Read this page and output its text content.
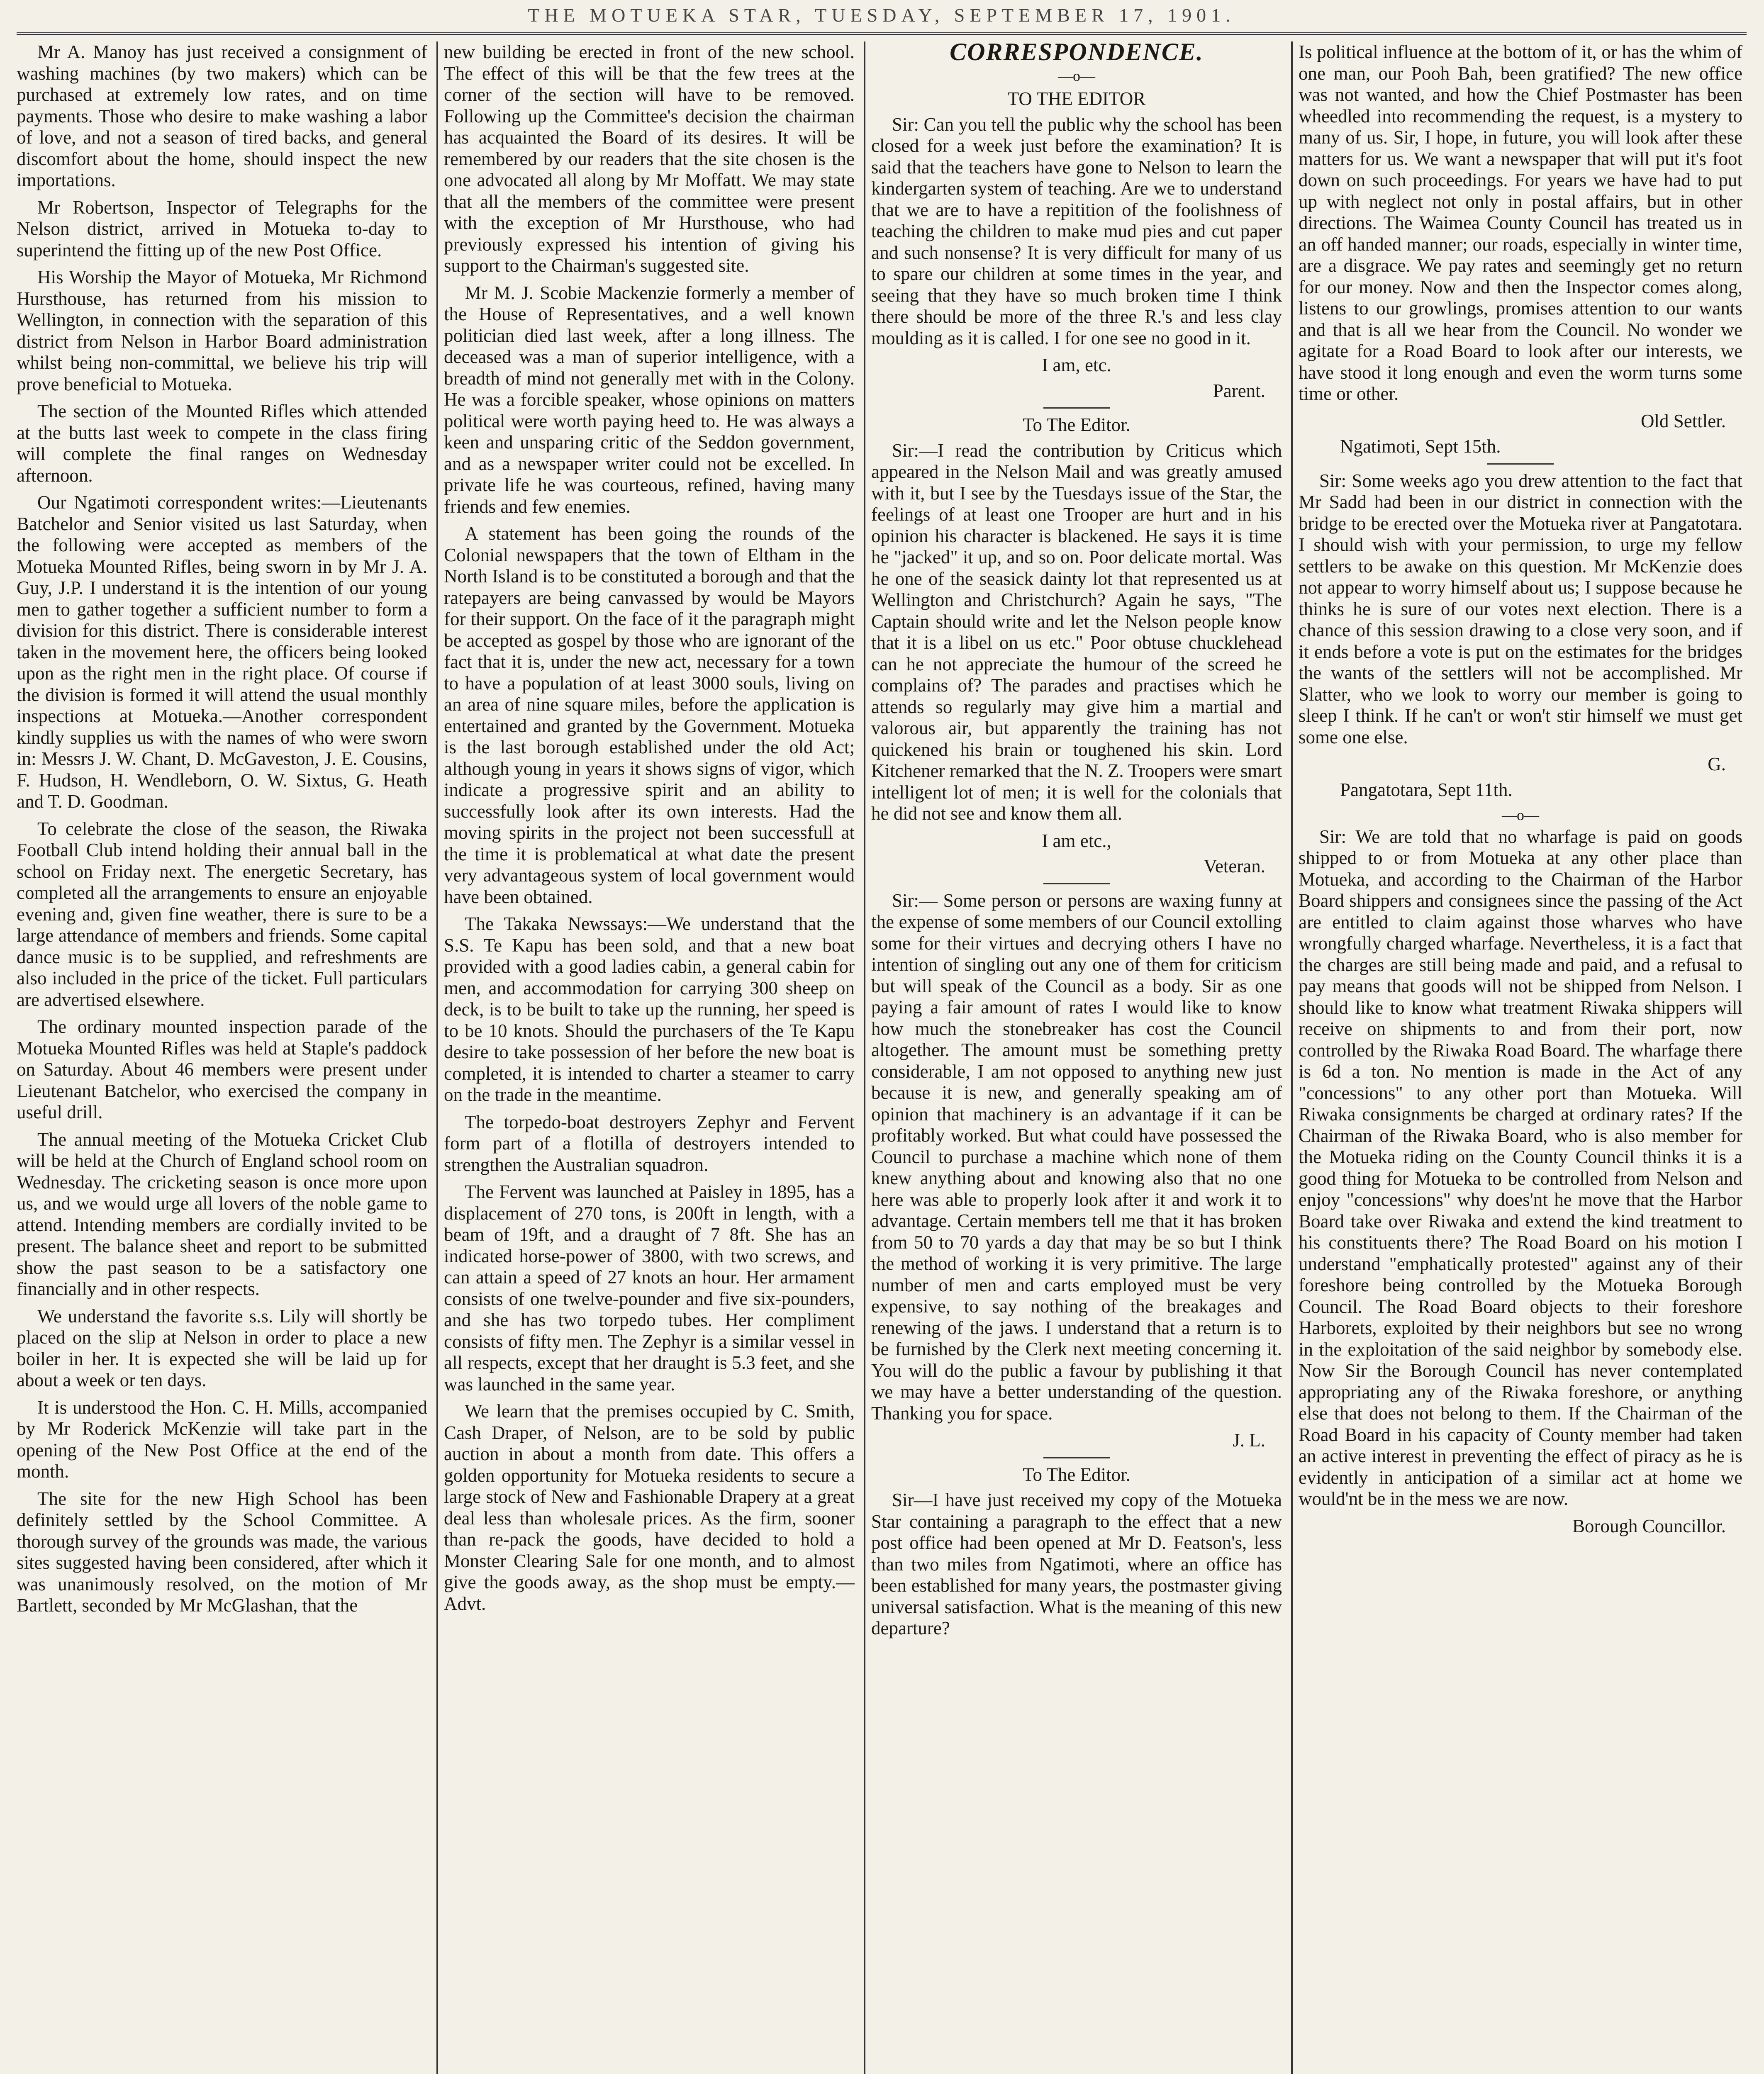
THE MOTUEKA STAR, TUESDAY, SEPTEMBER 17, 1901.

Mr A. Manoy has just received a consignment of washing machines (by two makers) which can be purchased at extremely low rates, and on time payments. Those who desire to make washing a labor of love, and not a season of tired backs, and general discomfort about the home, should inspect the new importations.

Mr Robertson, Inspector of Telegraphs for the Nelson district, arrived in Motueka to-day to superintend the fitting up of the new Post Office.

His Worship the Mayor of Motueka, Mr Richmond Hursthouse, has returned from his mission to Wellington, in connection with the separation of this district from Nelson in Harbor Board administration whilst being non-committal, we believe his trip will prove beneficial to Motueka.

The section of the Mounted Rifles which attended at the butts last week to compete in the class firing will complete the final ranges on Wednesday afternoon.

Our Ngatimoti correspondent writes:—Lieutenants Batchelor and Senior visited us last Saturday, when the following were accepted as members of the Motueka Mounted Rifles, being sworn in by Mr J. A. Guy, J.P. I understand it is the intention of our young men to gather together a sufficient number to form a division for this district. There is considerable interest taken in the movement here, the officers being looked upon as the right men in the right place. Of course if the division is formed it will attend the usual monthly inspections at Motueka.—Another correspondent kindly supplies us with the names of who were sworn in: Messrs J. W. Chant, D. McGaveston, J. E. Cousins, F. Hudson, H. Wendleborn, O. W. Sixtus, G. Heath and T. D. Goodman.

To celebrate the close of the season, the Riwaka Football Club intend holding their annual ball in the school on Friday next. The energetic Secretary, has completed all the arrangements to ensure an enjoyable evening and, given fine weather, there is sure to be a large attendance of members and friends. Some capital dance music is to be supplied, and refreshments are also included in the price of the ticket. Full particulars are advertised elsewhere.

The ordinary mounted inspection parade of the Motueka Mounted Rifles was held at Staple's paddock on Saturday. About 46 members were present under Lieutenant Batchelor, who exercised the company in useful drill.

The annual meeting of the Motueka Cricket Club will be held at the Church of England school room on Wednesday. The cricketing season is once more upon us, and we would urge all lovers of the noble game to attend. Intending members are cordially invited to be present. The balance sheet and report to be submitted show the past season to be a satisfactory one financially and in other respects.

We understand the favorite s.s. Lily will shortly be placed on the slip at Nelson in order to place a new boiler in her. It is expected she will be laid up for about a week or ten days.

It is understood the Hon. C. H. Mills, accompanied by Mr Roderick McKenzie will take part in the opening of the New Post Office at the end of the month.

The site for the new High School has been definitely settled by the School Committee. A thorough survey of the grounds was made, the various sites suggested having been considered, after which it was unanimously resolved, on the motion of Mr Bartlett, seconded by Mr McGlashan, that the

new building be erected in front of the new school. The effect of this will be that the few trees at the corner of the section will have to be removed. Following up the Committee's decision the chairman has acquainted the Board of its desires. It will be remembered by our readers that the site chosen is the one advocated all along by Mr Moffatt. We may state that all the members of the committee were present with the exception of Mr Hursthouse, who had previously expressed his intention of giving his support to the Chairman's suggested site.

Mr M. J. Scobie Mackenzie formerly a member of the House of Representatives, and a well known politician died last week, after a long illness. The deceased was a man of superior intelligence, with a breadth of mind not generally met with in the Colony. He was a forcible speaker, whose opinions on matters political were worth paying heed to. He was always a keen and unsparing critic of the Seddon government, and as a newspaper writer could not be excelled. In private life he was courteous, refined, having many friends and few enemies.

A statement has been going the rounds of the Colonial newspapers that the town of Eltham in the North Island is to be constituted a borough and that the ratepayers are being canvassed by would be Mayors for their support. On the face of it the paragraph might be accepted as gospel by those who are ignorant of the fact that it is, under the new act, necessary for a town to have a population of at least 3000 souls, living on an area of nine square miles, before the application is entertained and granted by the Government. Motueka is the last borough established under the old Act; although young in years it shows signs of vigor, which indicate a progressive spirit and an ability to successfully look after its own interests. Had the moving spirits in the project not been successfull at the time it is problematical at what date the present very advantageous system of local government would have been obtained.

The Takaka Newssays:—We understand that the S.S. Te Kapu has been sold, and that a new boat provided with a good ladies cabin, a general cabin for men, and accommodation for carrying 300 sheep on deck, is to be built to take up the running, her speed is to be 10 knots. Should the purchasers of the Te Kapu desire to take possession of her before the new boat is completed, it is intended to charter a steamer to carry on the trade in the meantime.

The torpedo-boat destroyers Zephyr and Fervent form part of a flotilla of destroyers intended to strengthen the Australian squadron.

The Fervent was launched at Paisley in 1895, has a displacement of 270 tons, is 200ft in length, with a beam of 19ft, and a draught of 7 8ft. She has an indicated horse-power of 3800, with two screws, and can attain a speed of 27 knots an hour. Her armament consists of one twelve-pounder and five six-pounders, and she has two torpedo tubes. Her compliment consists of fifty men. The Zephyr is a similar vessel in all respects, except that her draught is 5.3 feet, and she was launched in the same year.

We learn that the premises occupied by C. Smith, Cash Draper, of Nelson, are to be sold by public auction in about a month from date. This offers a golden opportunity for Motueka residents to secure a large stock of New and Fashionable Drapery at a great deal less than wholesale prices. As the firm, sooner than re-pack the goods, have decided to hold a Monster Clearing Sale for one month, and to almost give the goods away, as the shop must be empty.—Advt.

CORRESPONDENCE.
—o—
TO THE EDITOR

Sir: Can you tell the public why the school has been closed for a week just before the examination? It is said that the teachers have gone to Nelson to learn the kindergarten system of teaching. Are we to understand that we are to have a repitition of the foolishness of teaching the children to make mud pies and cut paper and such nonsense? It is very difficult for many of us to spare our children at some times in the year, and seeing that they have so much broken time I think there should be more of the three R.'s and less clay moulding as it is called. I for one see no good in it.

I am, etc.
Parent.
To The Editor.

Sir:—I read the contribution by Criticus which appeared in the Nelson Mail and was greatly amused with it, but I see by the Tuesdays issue of the Star, the feelings of at least one Trooper are hurt and in his opinion his character is blackened. He says it is time he "jacked" it up, and so on. Poor delicate mortal. Was he one of the seasick dainty lot that represented us at Wellington and Christchurch? Again he says, "The Captain should write and let the Nelson people know that it is a libel on us etc." Poor obtuse chucklehead can he not appreciate the humour of the screed he complains of? The parades and practises which he attends so regularly may give him a martial and valorous air, but apparently the training has not quickened his brain or toughened his skin. Lord Kitchener remarked that the N. Z. Troopers were smart intelligent lot of men; it is well for the colonials that he did not see and know them all.

I am etc.,
Veteran.

Sir:— Some person or persons are waxing funny at the expense of some members of our Council extolling some for their virtues and decrying others I have no intention of singling out any one of them for criticism but will speak of the Council as a body. Sir as one paying a fair amount of rates I would like to know how much the stonebreaker has cost the Council altogether. The amount must be something pretty considerable, I am not opposed to anything new just because it is new, and generally speaking am of opinion that machinery is an advantage if it can be profitably worked. But what could have possessed the Council to purchase a machine which none of them knew anything about and knowing also that no one here was able to properly look after it and work it to advantage. Certain members tell me that it has broken from 50 to 70 yards a day that may be so but I think the method of working it is very primitive. The large number of men and carts employed must be very expensive, to say nothing of the breakages and renewing of the jaws. I understand that a return is to be furnished by the Clerk next meeting concerning it. You will do the public a favour by publishing it that we may have a better understanding of the question. Thanking you for space.

J. L.
To The Editor.

Sir—I have just received my copy of the Motueka Star containing a paragraph to the effect that a new post office had been opened at Mr D. Featson's, less than two miles from Ngatimoti, where an office has been established for many years, the postmaster giving universal satisfaction. What is the meaning of this new departure?

Is political influence at the bottom of it, or has the whim of one man, our Pooh Bah, been gratified? The new office was not wanted, and how the Chief Postmaster has been wheedled into recommending the request, is a mystery to many of us. Sir, I hope, in future, you will look after these matters for us. We want a newspaper that will put it's foot down on such proceedings. For years we have had to put up with neglect not only in postal affairs, but in other directions. The Waimea County Council has treated us in an off handed manner; our roads, especially in winter time, are a disgrace. We pay rates and seemingly get no return for our money. Now and then the Inspector comes along, listens to our growlings, promises attention to our wants and that is all we hear from the Council. No wonder we agitate for a Road Board to look after our interests, we have stood it long enough and even the worm turns some time or other.

Old Settler.
Ngatimoti, Sept 15th.

Sir: Some weeks ago you drew attention to the fact that Mr Sadd had been in our district in connection with the bridge to be erected over the Motueka river at Pangatotara. I should wish with your permission, to urge my fellow settlers to be awake on this question. Mr McKenzie does not appear to worry himself about us; I suppose because he thinks he is sure of our votes next election. There is a chance of this session drawing to a close very soon, and if it ends before a vote is put on the estimates for the bridges the wants of the settlers will not be accomplished. Mr Slatter, who we look to worry our member is going to sleep I think. If he can't or won't stir himself we must get some one else.

G.
Pangatotara, Sept 11th.
—o—

Sir: We are told that no wharfage is paid on goods shipped to or from Motueka at any other place than Motueka, and according to the Chairman of the Harbor Board shippers and consignees since the passing of the Act are entitled to claim against those wharves who have wrongfully charged wharfage. Nevertheless, it is a fact that the charges are still being made and paid, and a refusal to pay means that goods will not be shipped from Nelson. I should like to know what treatment Riwaka shippers will receive on shipments to and from their port, now controlled by the Riwaka Road Board. The wharfage there is 6d a ton. No mention is made in the Act of any "concessions" to any other port than Motueka. Will Riwaka consignments be charged at ordinary rates? If the Chairman of the Riwaka Board, who is also member for the Motueka riding on the County Council thinks it is a good thing for Motueka to be controlled from Nelson and enjoy "concessions" why does'nt he move that the Harbor Board take over Riwaka and extend the kind treatment to his constituents there? The Road Board on his motion I understand "emphatically protested" against any of their foreshore being controlled by the Motueka Borough Council. The Road Board objects to their foreshore Harborets, exploited by their neighbors but see no wrong in the exploitation of the said neighbor by somebody else. Now Sir the Borough Council has never contemplated appropriating any of the Riwaka foreshore, or anything else that does not belong to them. If the Chairman of the Road Board in his capacity of County member had taken an active interest in preventing the effect of piracy as he is evidently in anticipation of a similar act at home we would'nt be in the mess we are now.

Borough Councillor.
